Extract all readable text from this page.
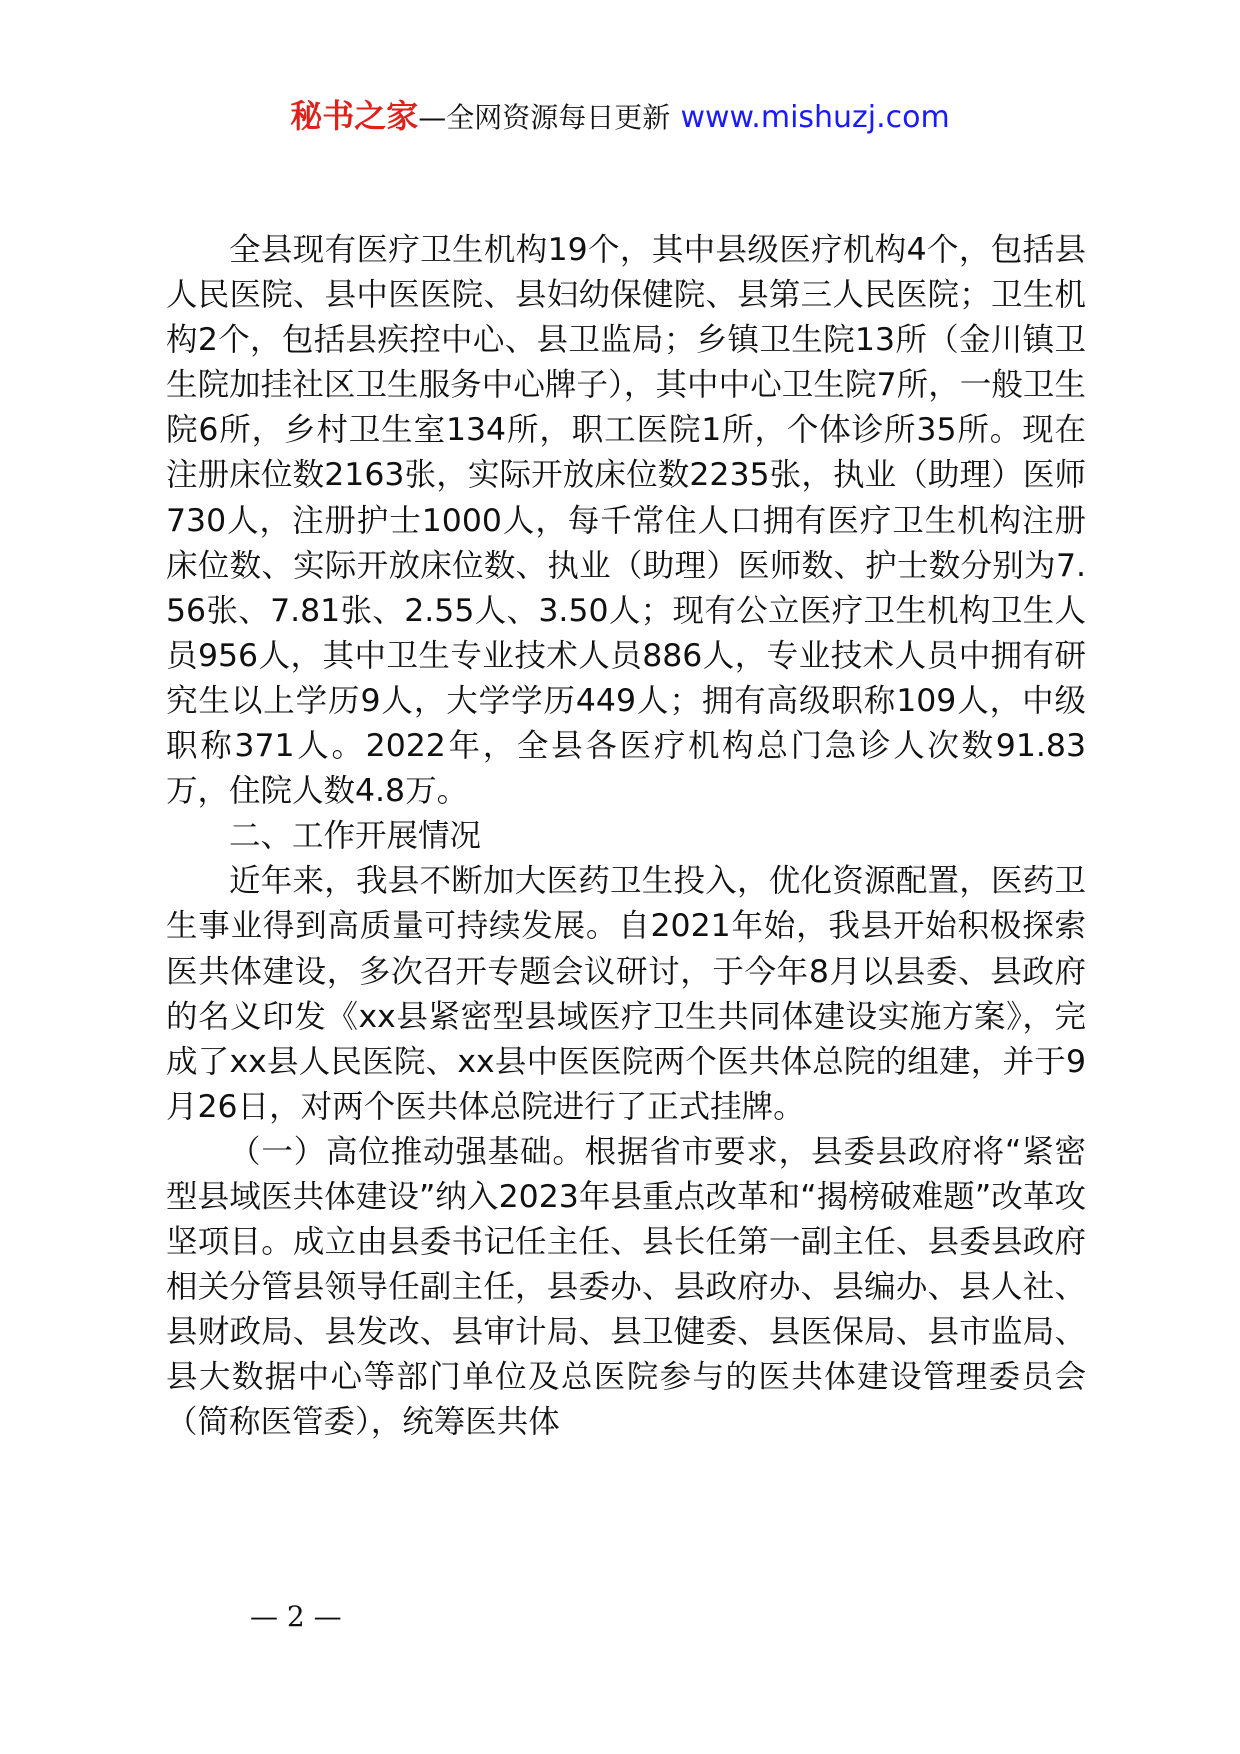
秘书之家—全网资源每日更新 www.mishuzj.com

全县现有医疗卫生机构19个，其中县级医疗机构4个，包括县人民医院、县中医医院、县妇幼保健院、县第三人民医院；卫生机构2个，包括县疾控中心、县卫监局；乡镇卫生院13所（金川镇卫生院加挂社区卫生服务中心牌子），其中中心卫生院7所，一般卫生院6所，乡村卫生室134所，职工医院1所，个体诊所35所。现在注册床位数2163张，实际开放床位数2235张，执业（助理）医师730人，注册护士1000人，每千常住人口拥有医疗卫生机构注册床位数、实际开放床位数、执业（助理）医师数、护士数分别为7.56张、7.81张、2.55人、3.50人；现有公立医疗卫生机构卫生人员956人，其中卫生专业技术人员886人，专业技术人员中拥有研究生以上学历9人，大学学历449人；拥有高级职称109人，中级职称371人。2022年，全县各医疗机构总门急诊人次数91.83万，住院人数4.8万。

二、工作开展情况

近年来，我县不断加大医药卫生投入，优化资源配置，医药卫生事业得到高质量可持续发展。自2021年始，我县开始积极探索医共体建设，多次召开专题会议研讨，于今年8月以县委、县政府的名义印发《xx县紧密型县域医疗卫生共同体建设实施方案》，完成了xx县人民医院、xx县中医医院两个医共体总院的组建，并于9月26日，对两个医共体总院进行了正式挂牌。

（一）高位推动强基础。根据省市要求，县委县政府将“紧密型县域医共体建设”纳入2023年县重点改革和“揭榜破难题”改革攻坚项目。成立由县委书记任主任、县长任第一副主任、县委县政府相关分管县领导任副主任，县委办、县政府办、县编办、县人社、县财政局、县发改、县审计局、县卫健委、县医保局、县市监局、县大数据中心等部门单位及总医院参与的医共体建设管理委员会（简称医管委），统筹医共体

— 2 —
